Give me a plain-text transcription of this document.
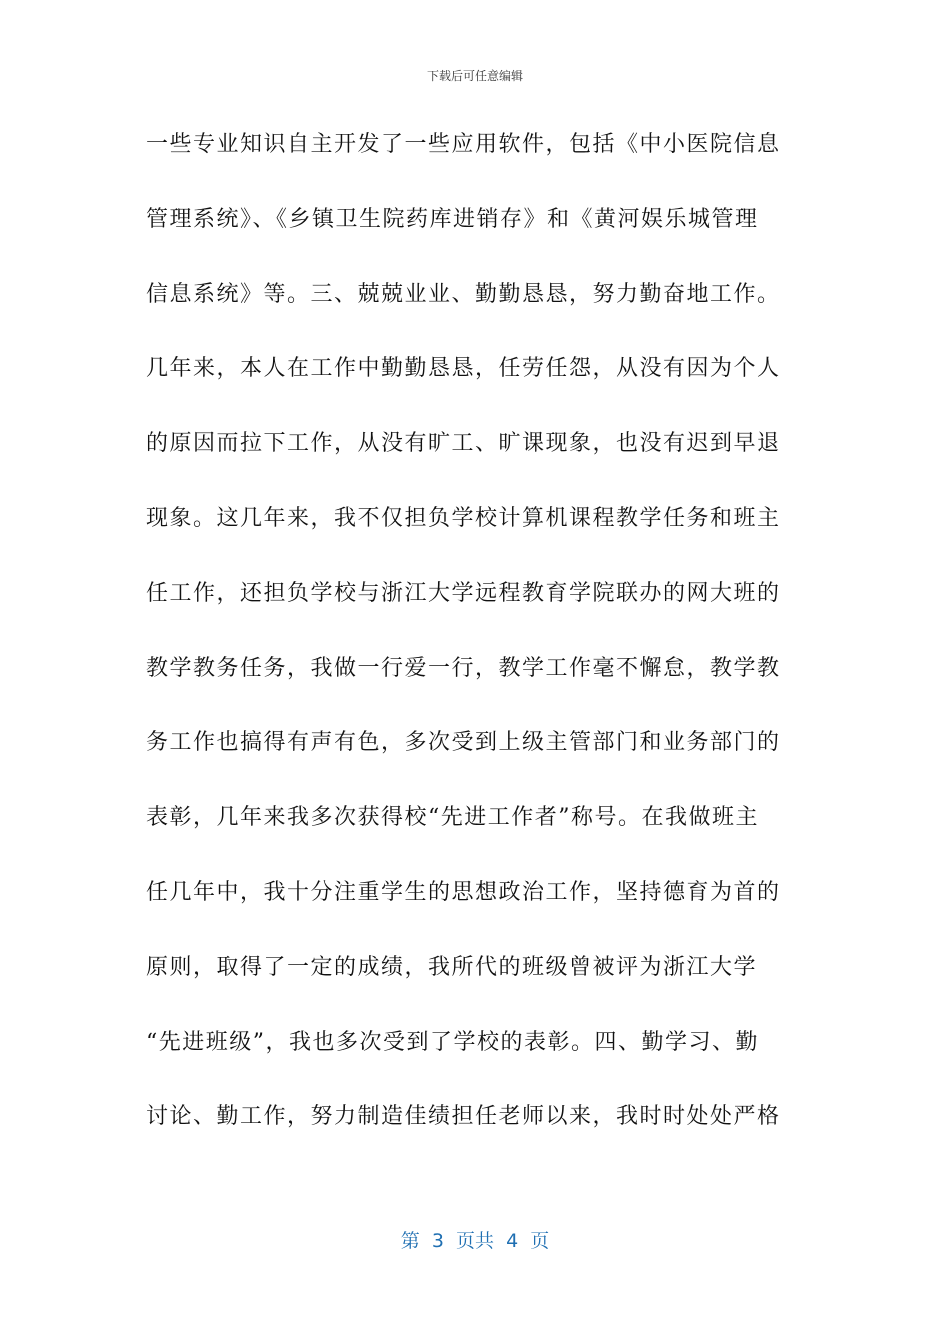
下载后可任意编辑
一些专业知识自主开发了一些应用软件，包括《中小医院信息
管理系统》、《乡镇卫生院药库进销存》和《黄河娱乐城管理
信息系统》等。三、兢兢业业、勤勤恳恳，努力勤奋地工作。
几年来，本人在工作中勤勤恳恳，任劳任怨，从没有因为个人
的原因而拉下工作，从没有旷工、旷课现象，也没有迟到早退
现象。这几年来，我不仅担负学校计算机课程教学任务和班主
任工作，还担负学校与浙江大学远程教育学院联办的网大班的
教学教务任务，我做一行爱一行，教学工作毫不懈怠，教学教
务工作也搞得有声有色，多次受到上级主管部门和业务部门的
表彰，几年来我多次获得校“先进工作者”称号。在我做班主
任几年中，我十分注重学生的思想政治工作，坚持德育为首的
原则，取得了一定的成绩，我所代的班级曾被评为浙江大学
“先进班级”，我也多次受到了学校的表彰。四、勤学习、勤
讨论、勤工作，努力制造佳绩担任老师以来，我时时处处严格
第  3  页共  4  页
